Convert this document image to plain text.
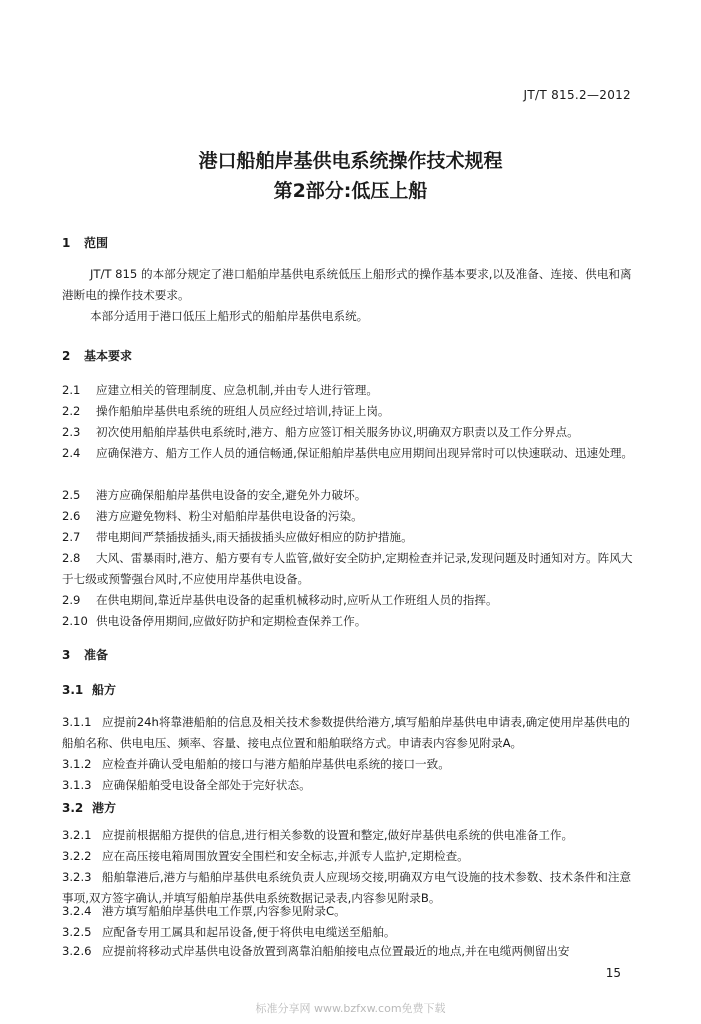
JT/T 815.2—2012
港口船舶岸基供电系统操作技术规程
第2部分:低压上船
1 范围
JT/T 815 的本部分规定了港口船舶岸基供电系统低压上船形式的操作基本要求,以及准备、连接、供电和离港断电的操作技术要求。
本部分适用于港口低压上船形式的船舶岸基供电系统。
2 基本要求
2.1 应建立相关的管理制度、应急机制,并由专人进行管理。
2.2 操作船舶岸基供电系统的班组人员应经过培训,持证上岗。
2.3 初次使用船舶岸基供电系统时,港方、船方应签订相关服务协议,明确双方职责以及工作分界点。
2.4 应确保港方、船方工作人员的通信畅通,保证船舶岸基供电应用期间出现异常时可以快速联动、迅速处理。
2.5 港方应确保船舶岸基供电设备的安全,避免外力破坏。
2.6 港方应避免物料、粉尘对船舶岸基供电设备的污染。
2.7 带电期间严禁插拔插头,雨天插拔插头应做好相应的防护措施。
2.8 大风、雷暴雨时,港方、船方要有专人监管,做好安全防护,定期检查并记录,发现问题及时通知对方。阵风大于七级或预警强台风时,不应使用岸基供电设备。
2.9 在供电期间,靠近岸基供电设备的起重机械移动时,应听从工作班组人员的指挥。
2.10 供电设备停用期间,应做好防护和定期检查保养工作。
3 准备
3.1 船方
3.1.1 应提前24h将靠港船舶的信息及相关技术参数提供给港方,填写船舶岸基供电申请表,确定使用岸基供电的船舶名称、供电电压、频率、容量、接电点位置和船舶联络方式。申请表内容参见附录A。
3.1.2 应检查并确认受电船舶的接口与港方船舶岸基供电系统的接口一致。
3.1.3 应确保船舶受电设备全部处于完好状态。
3.2 港方
3.2.1 应提前根据船方提供的信息,进行相关参数的设置和整定,做好岸基供电系统的供电准备工作。
3.2.2 应在高压接电箱周围放置安全围栏和安全标志,并派专人监护,定期检查。
3.2.3 船舶靠港后,港方与船舶岸基供电系统负责人应现场交接,明确双方电气设施的技术参数、技术条件和注意事项,双方签字确认,并填写船舶岸基供电系统数据记录表,内容参见附录B。
3.2.4 港方填写船舶岸基供电工作票,内容参见附录C。
3.2.5 应配备专用工属具和起吊设备,便于将供电电缆送至船舶。
3.2.6 应提前将移动式岸基供电设备放置到离靠泊船舶接电点位置最近的地点,并在电缆两侧留出安
15
标准分享网 www.bzfxw.com免费下载
